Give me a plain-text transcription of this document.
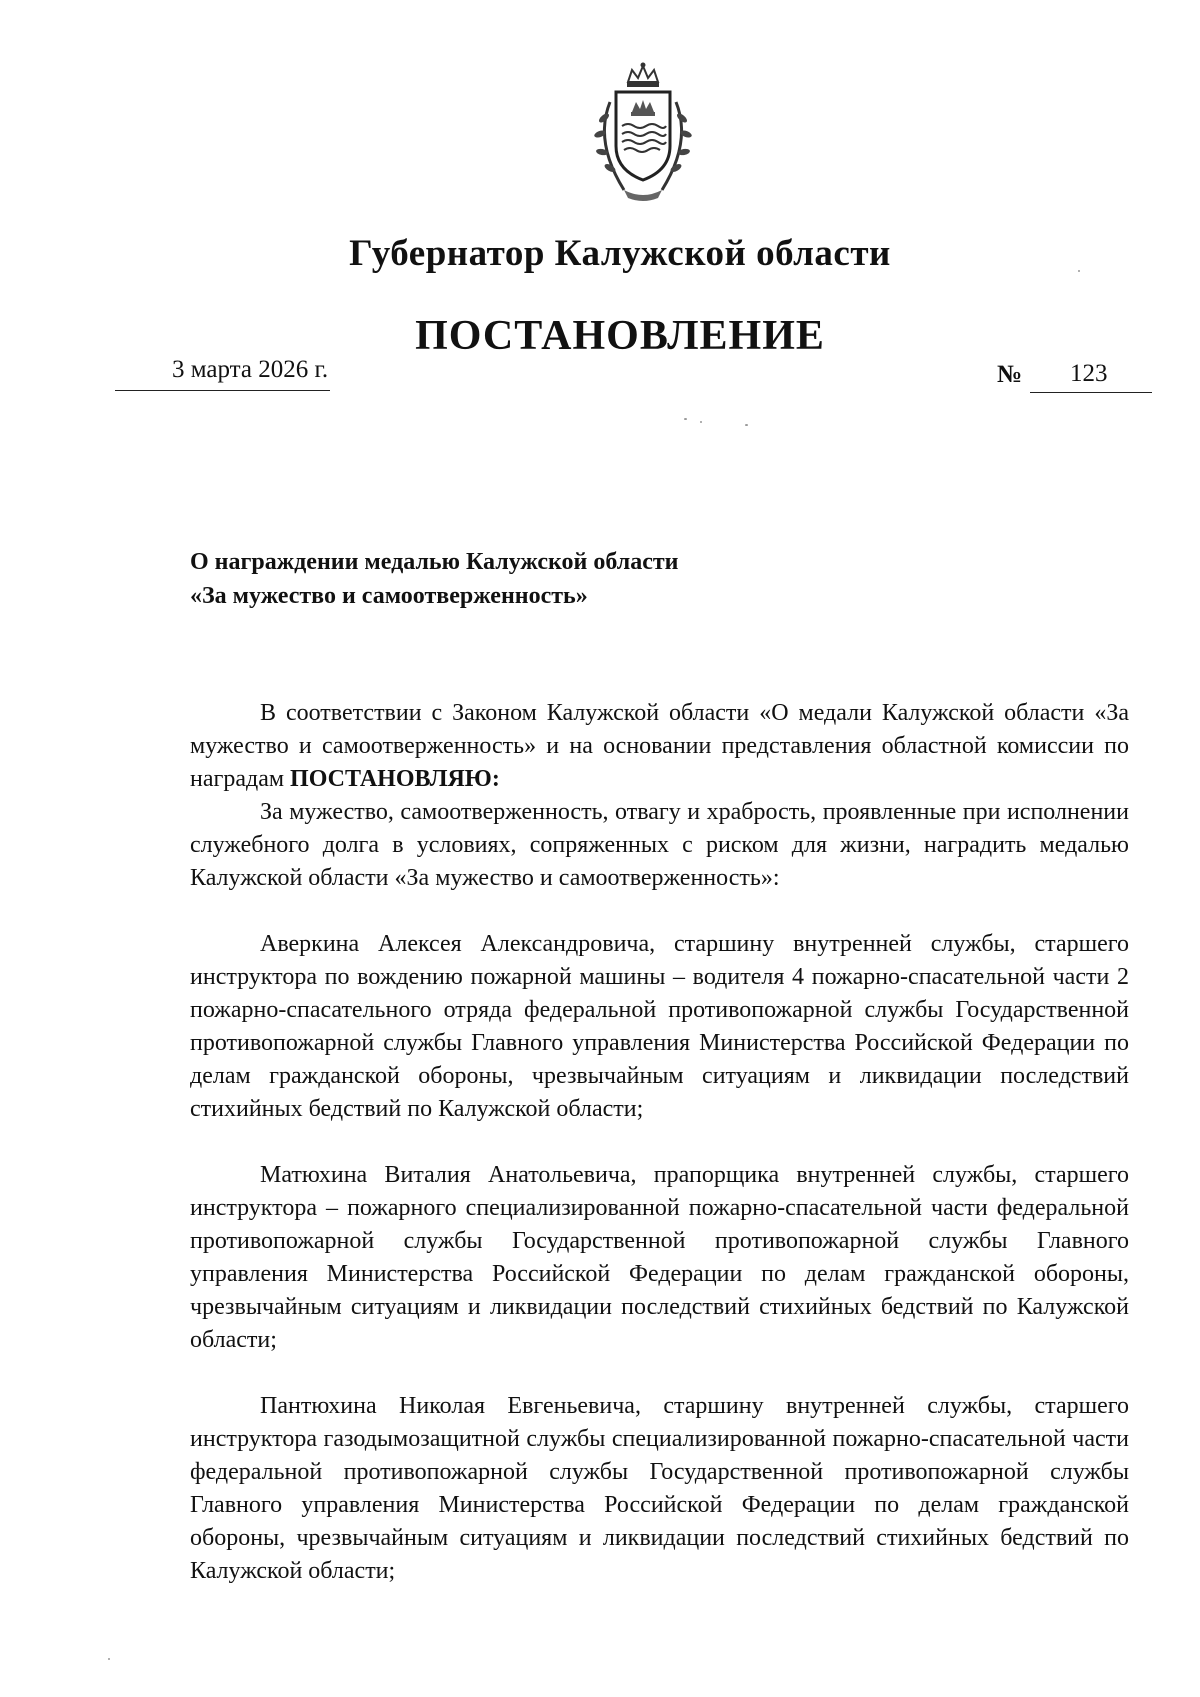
Губернатор Калужской области
ПОСТАНОВЛЕНИЕ
3 марта 2026 г.	№ 123
О награждении медалью Калужской области
«За мужество и самоотверженность»

В соответствии с Законом Калужской области «О медали Калужской области «За мужество и самоотверженность» и на основании представления областной комиссии по наградам ПОСТАНОВЛЯЮ:

За мужество, самоотверженность, отвагу и храбрость, проявленные при исполнении служебного долга в условиях, сопряженных с риском для жизни, наградить медалью Калужской области «За мужество и самоотверженность»:

Аверкина Алексея Александровича, старшину внутренней службы, старшего инструктора по вождению пожарной машины – водителя 4 пожарно-спасательной части 2 пожарно-спасательного отряда федеральной противопожарной службы Государственной противопожарной службы Главного управления Министерства Российской Федерации по делам гражданской обороны, чрезвычайным ситуациям и ликвидации последствий стихийных бедствий по Калужской области;

Матюхина Виталия Анатольевича, прапорщика внутренней службы, старшего инструктора – пожарного специализированной пожарно-спасательной части федеральной противопожарной службы Государственной противопожарной службы Главного управления Министерства Российской Федерации по делам гражданской обороны, чрезвычайным ситуациям и ликвидации последствий стихийных бедствий по Калужской области;

Пантюхина Николая Евгеньевича, старшину внутренней службы, старшего инструктора газодымозащитной службы специализированной пожарно-спасательной части федеральной противопожарной службы Государственной противопожарной службы Главного управления Министерства Российской Федерации по делам гражданской обороны, чрезвычайным ситуациям и ликвидации последствий стихийных бедствий по Калужской области;
